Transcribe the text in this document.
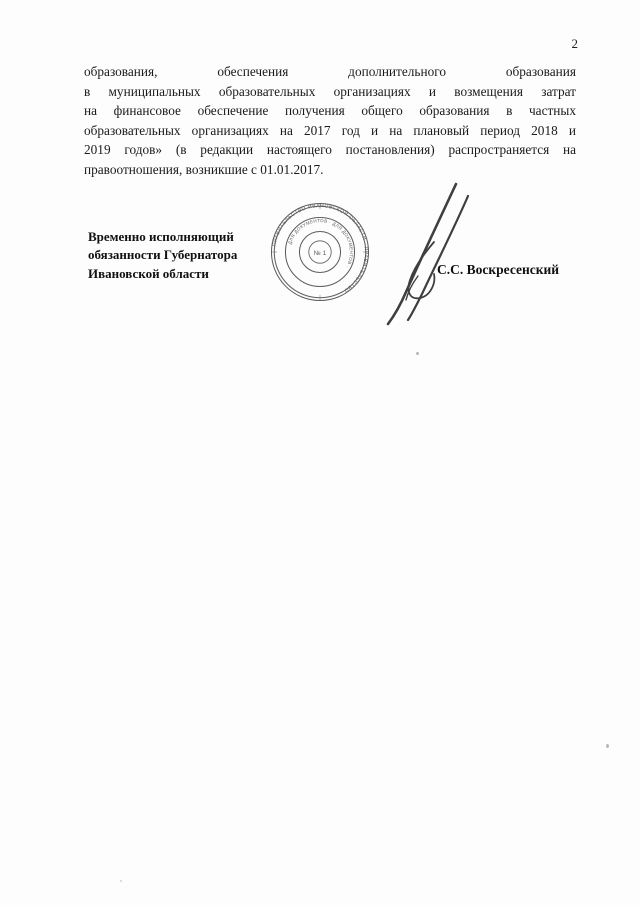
2

образования, обеспечения дополнительного образования

в муниципальных образовательных организациях и возмещения затрат

на финансовое обеспечение получения общего образования в частных

образовательных организациях на 2017 год и на плановый период 2018 и

2019 годов» (в редакции настоящего постановления) распространяется на

правоотношения, возникшие с 01.01.2017.

Временно исполняющий
обязанности Губернатора
Ивановской области	С.С. Воскресенский
ПРАВИТЕЛЬСТВО ИВАНОВСКОЙ ОБЛАСТИ · ПРАВИТЕЛЬСТВО ·
ДЛЯ ДОКУМЕНТОВ · ДЛЯ ДОКУМЕНТОВ ·
№ 1
